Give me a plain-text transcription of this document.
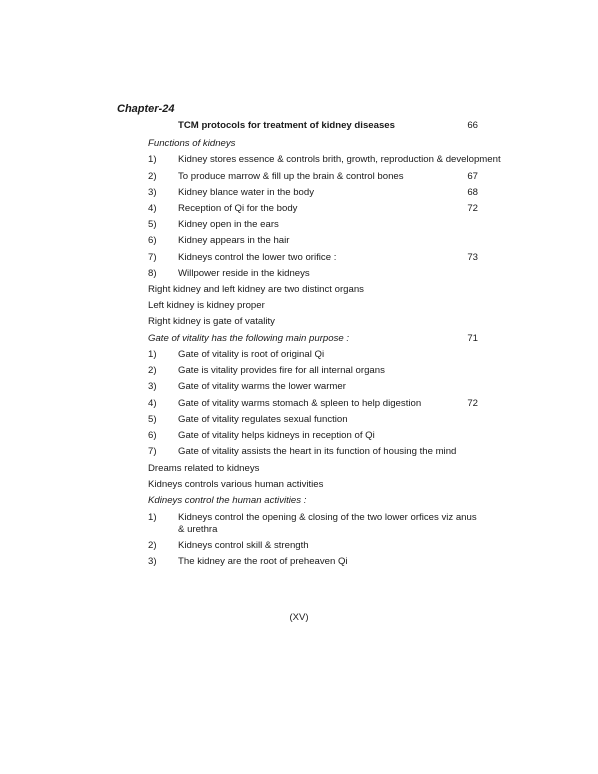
Chapter-24
TCM protocols for treatment of kidney diseases	66
Functions of kidneys
1) Kidney stores essence & controls brith, growth, reproduction & development
2) To produce marrow & fill up the brain & control bones	67
3) Kidney blance water in the body	68
4) Reception of Qi for the body	72
5) Kidney open in the ears
6) Kidney appears in the hair
7) Kidneys control the lower two orifice :	73
8) Willpower reside in the kidneys
Right kidney and left kidney are two distinct organs
Left kidney is kidney proper
Right kidney is gate of vatality
Gate of vitality has the following main purpose :	71
1) Gate of vitality is root of original Qi
2) Gate is vitality provides fire for all internal organs
3) Gate of vitality warms the lower warmer
4) Gate of vitality warms stomach & spleen to help digestion	72
5) Gate of vitality regulates sexual function
6) Gate of vitality helps kidneys in reception of Qi
7) Gate of vitality assists the heart in its function of housing the mind
Dreams related to kidneys
Kidneys controls various human activities
Kdineys control the human activities :
1) Kidneys control the opening & closing of the two lower orfices viz anus & urethra
2) Kidneys control skill & strength
3) The kidney are the root of preheaven Qi
(XV)
